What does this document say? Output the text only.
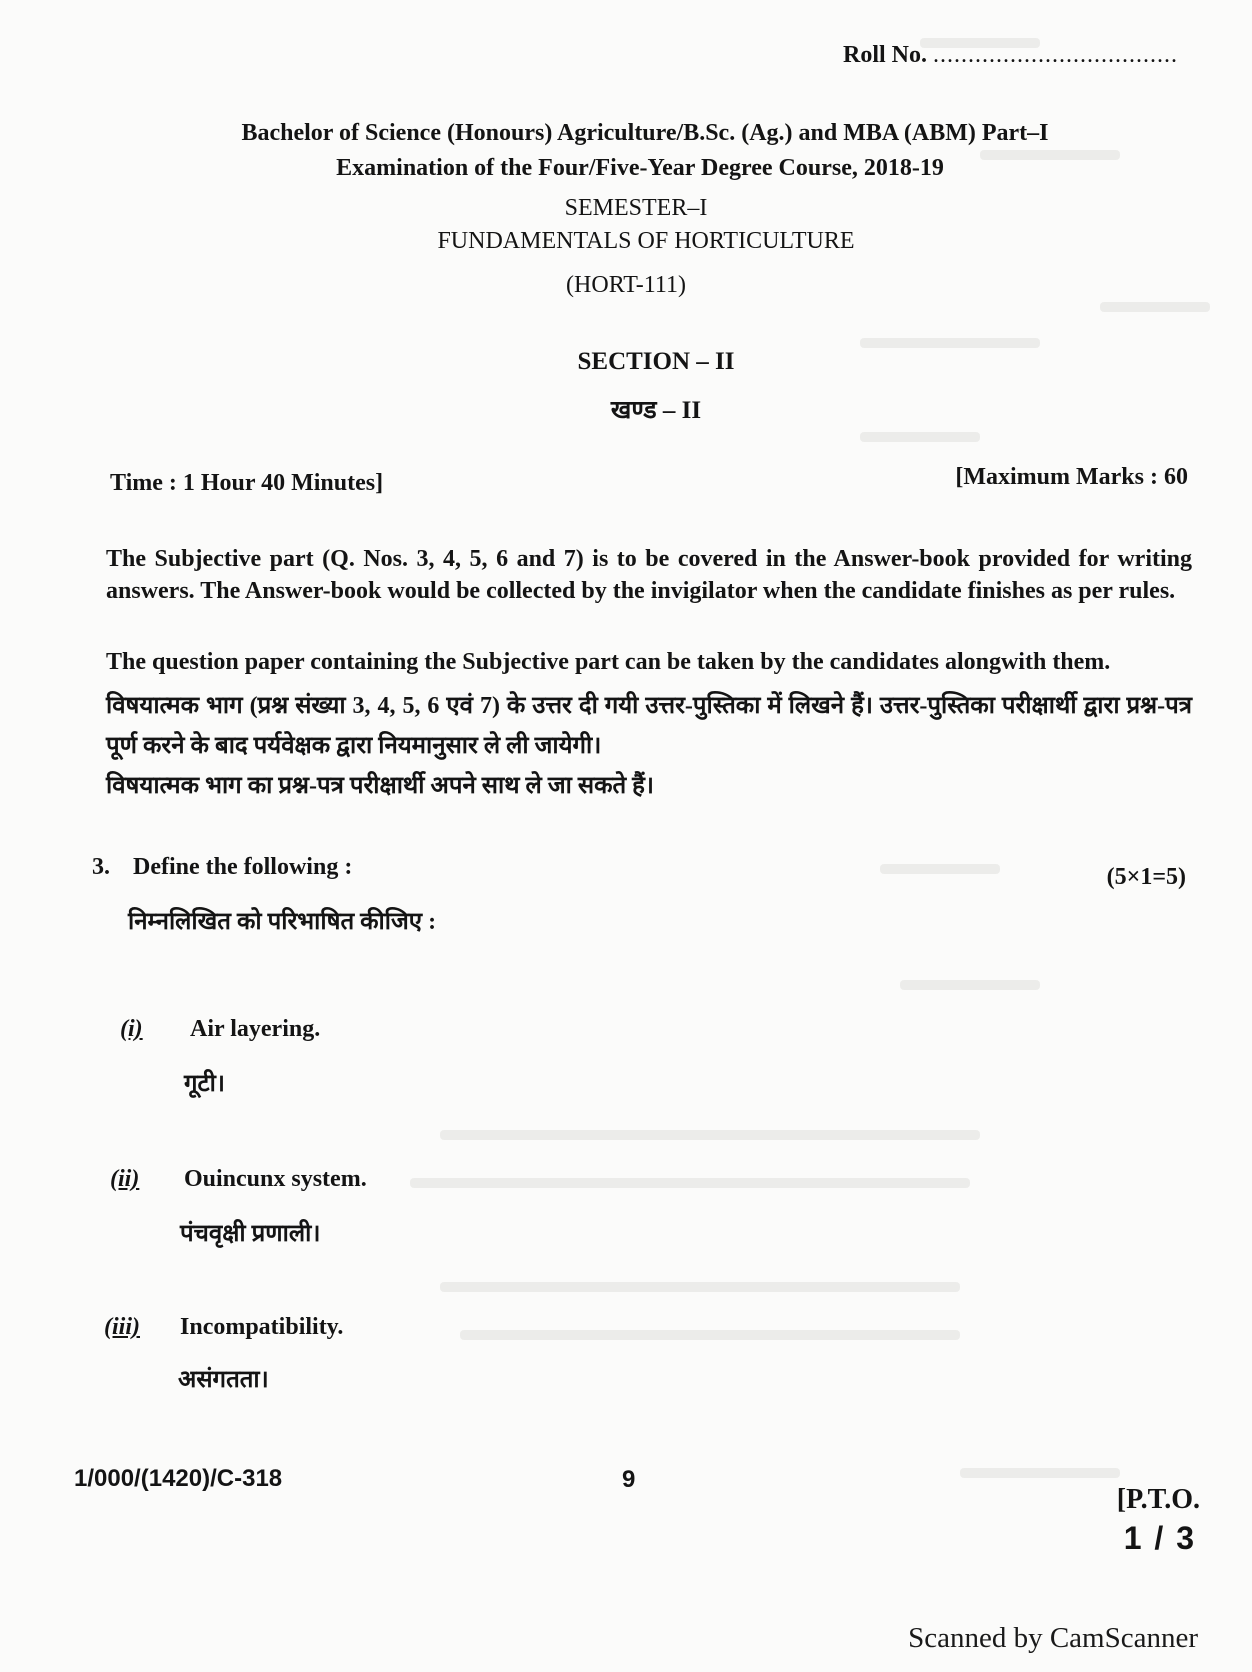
Roll No. ...................................
Bachelor of Science (Honours) Agriculture/B.Sc. (Ag.) and MBA (ABM) Part–I
Examination of the Four/Five-Year Degree Course, 2018-19
SEMESTER–I
FUNDAMENTALS OF HORTICULTURE
(HORT-111)
SECTION – II
खण्ड – II
Time : 1 Hour 40 Minutes]	[Maximum Marks : 60
The Subjective part (Q. Nos. 3, 4, 5, 6 and 7) is to be covered in the Answer-book provided for writing answers. The Answer-book would be collected by the invigilator when the candidate finishes as per rules.
The question paper containing the Subjective part can be taken by the candidates alongwith them.
विषयात्मक भाग (प्रश्न संख्या 3, 4, 5, 6 एवं 7) के उत्तर दी गयी उत्तर-पुस्तिका में लिखने हैं। उत्तर-पुस्तिका परीक्षार्थी द्वारा प्रश्न-पत्र पूर्ण करने के बाद पर्यवेक्षक द्वारा नियमानुसार ले ली जायेगी।
विषयात्मक भाग का प्रश्न-पत्र परीक्षार्थी अपने साथ ले जा सकते हैं।
3. Define the following :	(5×1=5)
निम्नलिखित को परिभाषित कीजिए :
(i) Air layering.
गूटी।
(ii) Ouincunx system.
पंचवृक्षी प्रणाली।
(iii) Incompatibility.
असंगतता।
1/000/(1420)/C-318	9
[P.T.O.
1 / 3
Scanned by CamScanner
